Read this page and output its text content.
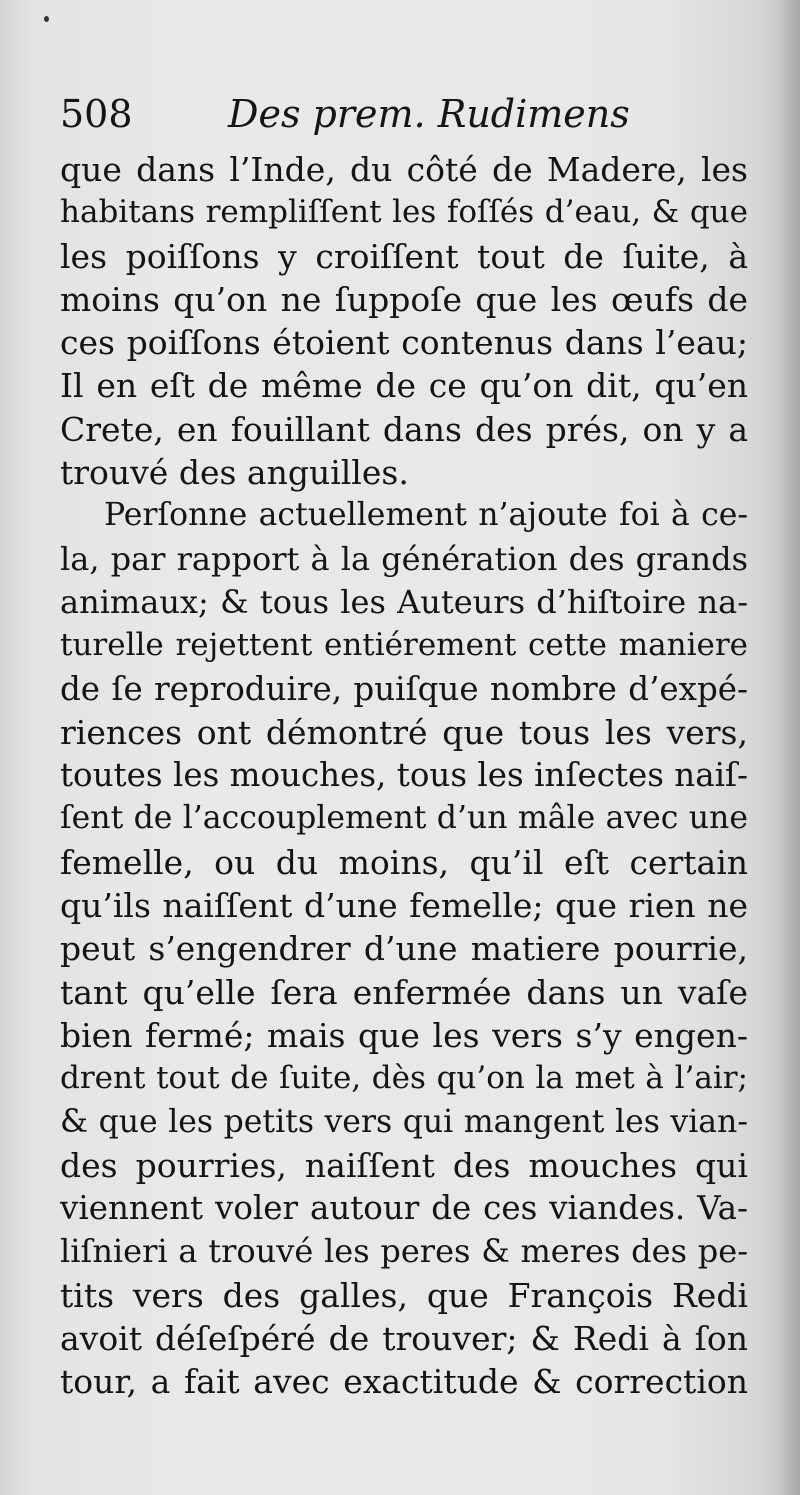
508	Des prem. Rudimens
que dans l’Inde, du côté de Madere, les
habitans rempliſſent les foſſés d’eau, & que
les poiſſons y croiſſent tout de ſuite, à
moins qu’on ne ſuppoſe que les œufs de
ces poiſſons étoient contenus dans l’eau;
Il en eſt de même de ce qu’on dit, qu’en
Crete, en fouillant dans des prés, on y a
trouvé des anguilles.
Perſonne actuellement n’ajoute foi à ce-
la, par rapport à la génération des grands
animaux; & tous les Auteurs d’hiſtoire na-
turelle rejettent entiérement cette maniere
de ſe reproduire, puiſque nombre d’expé-
riences ont démontré que tous les vers,
toutes les mouches, tous les inſectes naiſ-
ſent de l’accouplement d’un mâle avec une
femelle, ou du moins, qu’il eſt certain
qu’ils naiſſent d’une femelle; que rien ne
peut s’engendrer d’une matiere pourrie,
tant qu’elle ſera enfermée dans un vaſe
bien fermé; mais que les vers s’y engen-
drent tout de ſuite, dès qu’on la met à l’air;
& que les petits vers qui mangent les vian-
des pourries, naiſſent des mouches qui
viennent voler autour de ces viandes. Va-
liſnieri a trouvé les peres & meres des pe-
tits vers des galles, que François Redi
avoit déſeſpéré de trouver; & Redi à ſon
tour, a fait avec exactitude & correction
